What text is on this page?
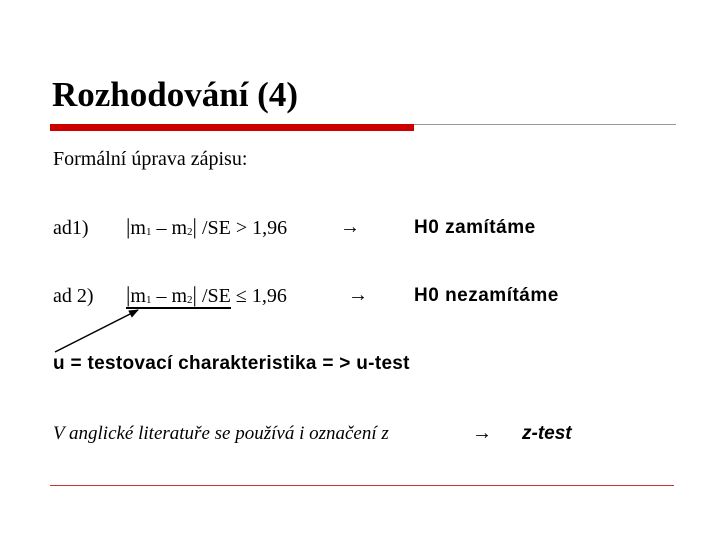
Rozhodování (4)
Formální úprava zápisu:
ad1) $|m_1 - m_2|$ /SE > 1,96	→	H0 zamítáme
ad 2) $|m_1 - m_2|$ /SE ≤ 1,96	→ H0 nezamítáme
u = testovací charakteristika = > u-test
V anglické literatuře se používá i označení z	→ z-test
